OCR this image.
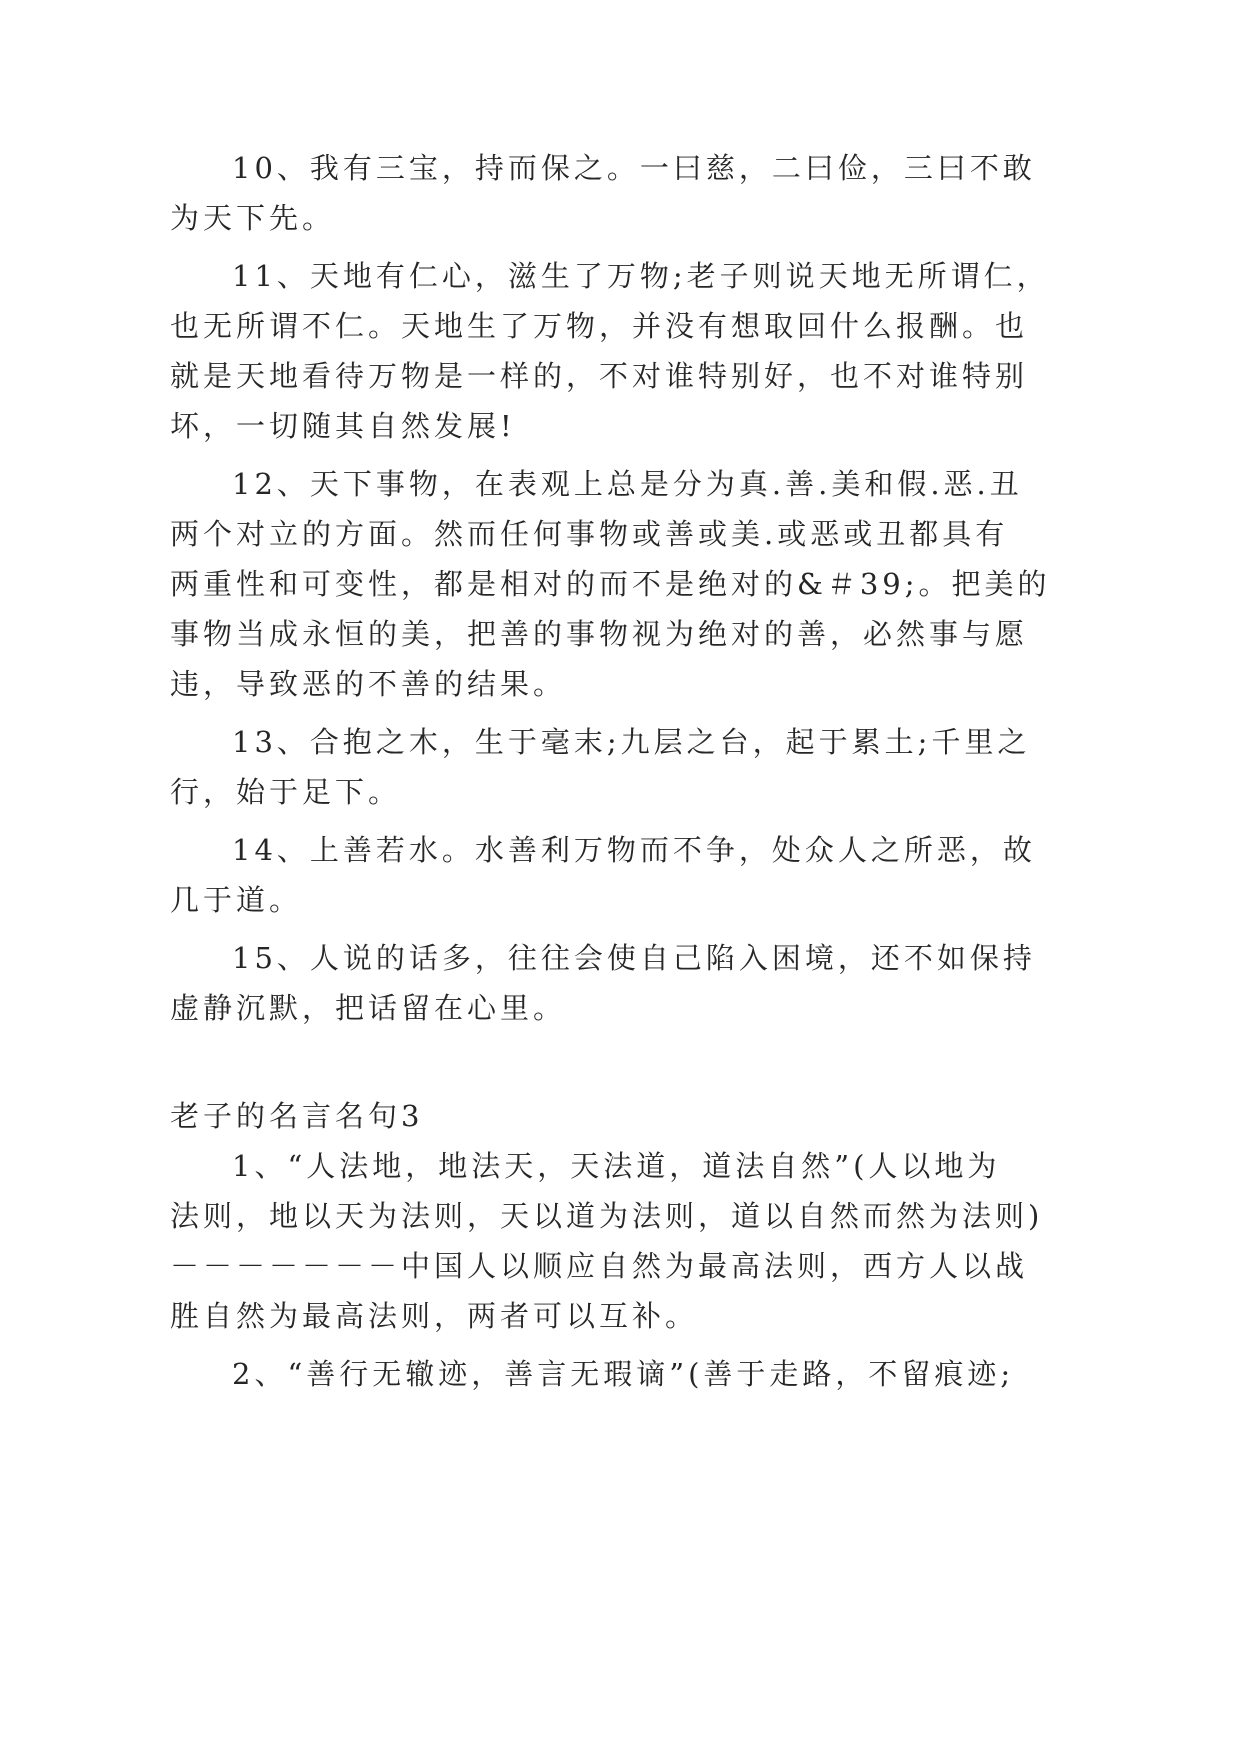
10、我有三宝，持而保之。一曰慈，二曰俭，三曰不敢

为天下先。

11、天地有仁心，滋生了万物;老子则说天地无所谓仁，

也无所谓不仁。天地生了万物，并没有想取回什么报酬。也

就是天地看待万物是一样的，不对谁特别好，也不对谁特别

坏，一切随其自然发展!

12、天下事物，在表观上总是分为真.善.美和假.恶.丑

两个对立的方面。然而任何事物或善或美.或恶或丑都具有

两重性和可变性，都是相对的而不是绝对的&＃39;。把美的

事物当成永恒的美，把善的事物视为绝对的善，必然事与愿

违，导致恶的不善的结果。

13、合抱之木，生于毫末;九层之台，起于累土;千里之

行，始于足下。

14、上善若水。水善利万物而不争，处众人之所恶，故

几于道。

15、人说的话多，往往会使自己陷入困境，还不如保持

虚静沉默，把话留在心里。

老子的名言名句3

1、“人法地，地法天，天法道，道法自然”(人以地为

法则，地以天为法则，天以道为法则，道以自然而然为法则)

－－－－－－－中国人以顺应自然为最高法则，西方人以战

胜自然为最高法则，两者可以互补。

2、“善行无辙迹，善言无瑕谪”(善于走路，不留痕迹;
